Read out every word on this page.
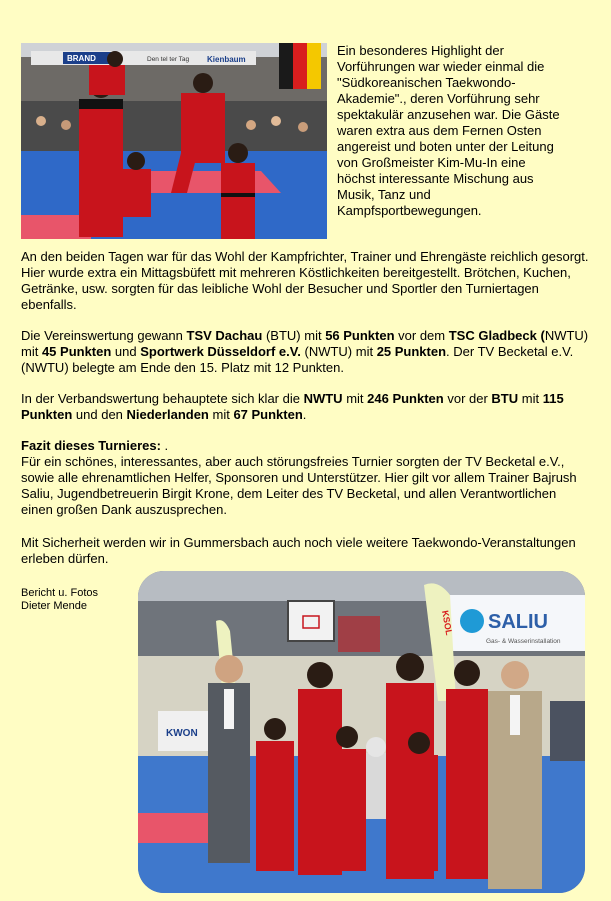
BRAND	Den tel ter Tag Kienbaum

Ein besonderes Highlight der
Vorführungen war wieder einmal die
"Südkoreanischen Taekwondo-
Akademie"., deren Vorführung sehr
spektakulär anzusehen war. Die Gäste
waren extra aus dem Fernen Osten
angereist und boten unter der Leitung
von Großmeister Kim-Mu-In eine
höchst interessante Mischung aus
Musik, Tanz und
Kampfsportbewegungen.

An den beiden Tagen war für das Wohl der Kampfrichter, Trainer und Ehrengäste reichlich gesorgt. Hier wurde extra ein Mittagsbüfett mit mehreren Köstlichkeiten bereitgestellt. Brötchen, Kuchen, Getränke, usw. sorgten für das leibliche Wohl der Besucher und Sportler den Turniertagen ebenfalls.

Die Vereinswertung gewann TSV Dachau (BTU) mit 56 Punkten vor dem TSC Gladbeck (NWTU) mit 45 Punkten und Sportwerk Düsseldorf e.V. (NWTU) mit 25 Punkten. Der TV Becketal e.V. (NWTU) belegte am Ende den 15. Platz mit 12 Punkten.

In der Verbandswertung behauptete sich klar die NWTU mit 246 Punkten vor der BTU mit 115 Punkten und den Niederlanden mit 67 Punkten.

Fazit dieses Turnieres: .
Für ein schönes, interessantes, aber auch störungsfreies Turnier sorgten der TV Becketal e.V., sowie alle ehrenamtlichen Helfer, Sponsoren und Unterstützer. Hier gilt vor allem Trainer Bajrush Saliu, Jugendbetreuerin Birgit Krone, dem Leiter des TV Becketal, und allen Verantwortlichen einen großen Dank auszusprechen.

Mit Sicherheit werden wir in Gummersbach auch noch viele weitere Taekwondo-Veranstaltungen erleben dürfen.

Bericht u. Fotos
Dieter Mende

SALIU
Gas- & Wasserinstallation
KWON
KSOL
